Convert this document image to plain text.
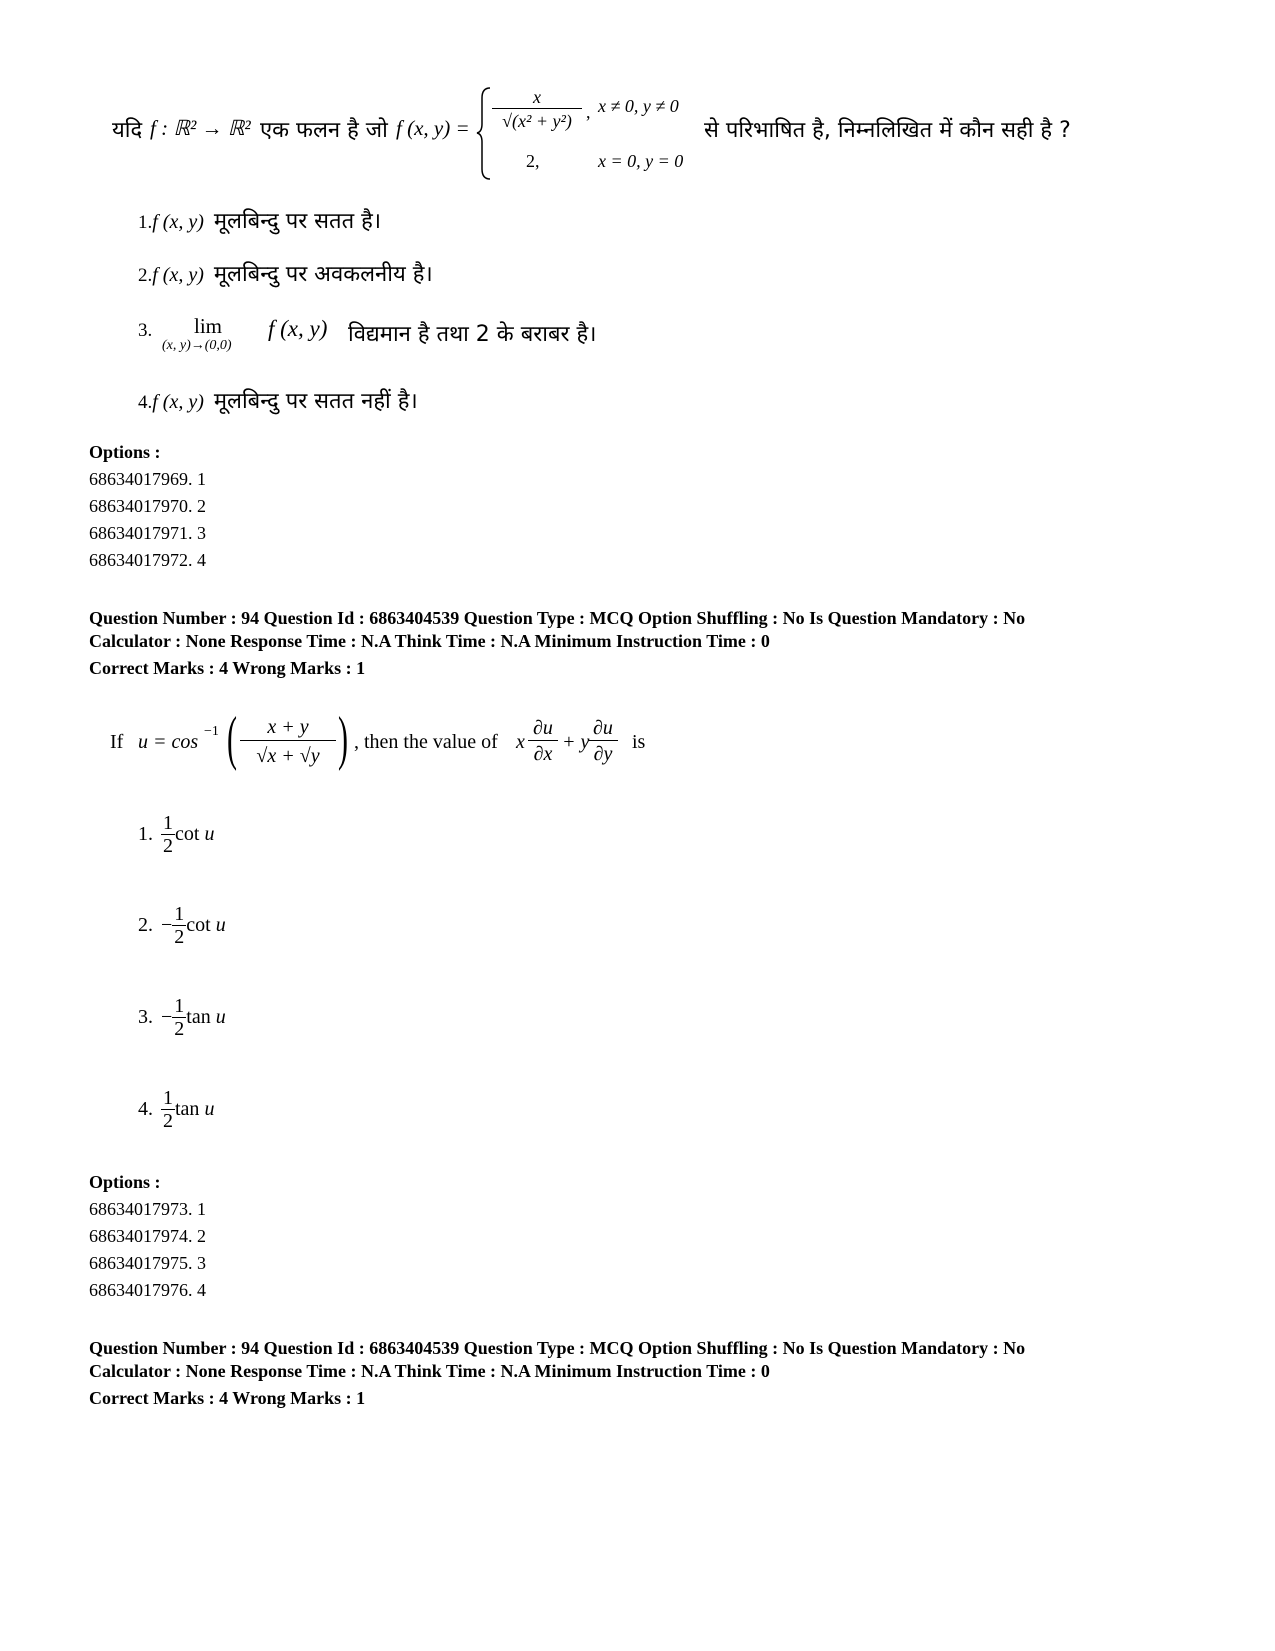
यदि f : ℝ² → ℝ² एक फलन है जो f (x, $y) = \frac{x}{\text{√(x² + y²)}}$ , x ≠ 0, y ≠ 0
2,	x = 0, y = 0
से परिभाषित है, निम्नलिखित में कौन सही है ?
1.f (x, y) मूलबिन्दु पर सतत है।
2.f (x, y) मूलबिन्दु पर अवकलनीय है।
3. lim
(x, y)→(0,0)
f (x, y) विद्यमान है तथा 2 के बराबर है।
4.f (x, y) मूलबिन्दु पर सतत नहीं है।
Options :
68634017969. 1
68634017970. 2
68634017971. 3
68634017972. 4
Question Number : 94 Question Id : 6863404539 Question Type : MCQ Option Shuffling : No Is Question Mandatory : No
Calculator : None Response Time : N.A Think Time : N.A Minimum Instruction Time : 0
Correct Marks : 4 Wrong Marks : 1
If u = cos −1 ( $\frac{x + y}{√x + √y}$ ) , then the value of x
∂u
∂x
+ y
∂u
∂y
is
1. $\frac{1}{2}$ cot u
2. − $\frac{1}{2}$ cot u
3. − $\frac{1}{2}$ tan u
4. $\frac{1}{2}$ tan u
Options :
68634017973. 1
68634017974. 2
68634017975. 3
68634017976. 4
Question Number : 94 Question Id : 6863404539 Question Type : MCQ Option Shuffling : No Is Question Mandatory : No
Calculator : None Response Time : N.A Think Time : N.A Minimum Instruction Time : 0
Correct Marks : 4 Wrong Marks : 1
